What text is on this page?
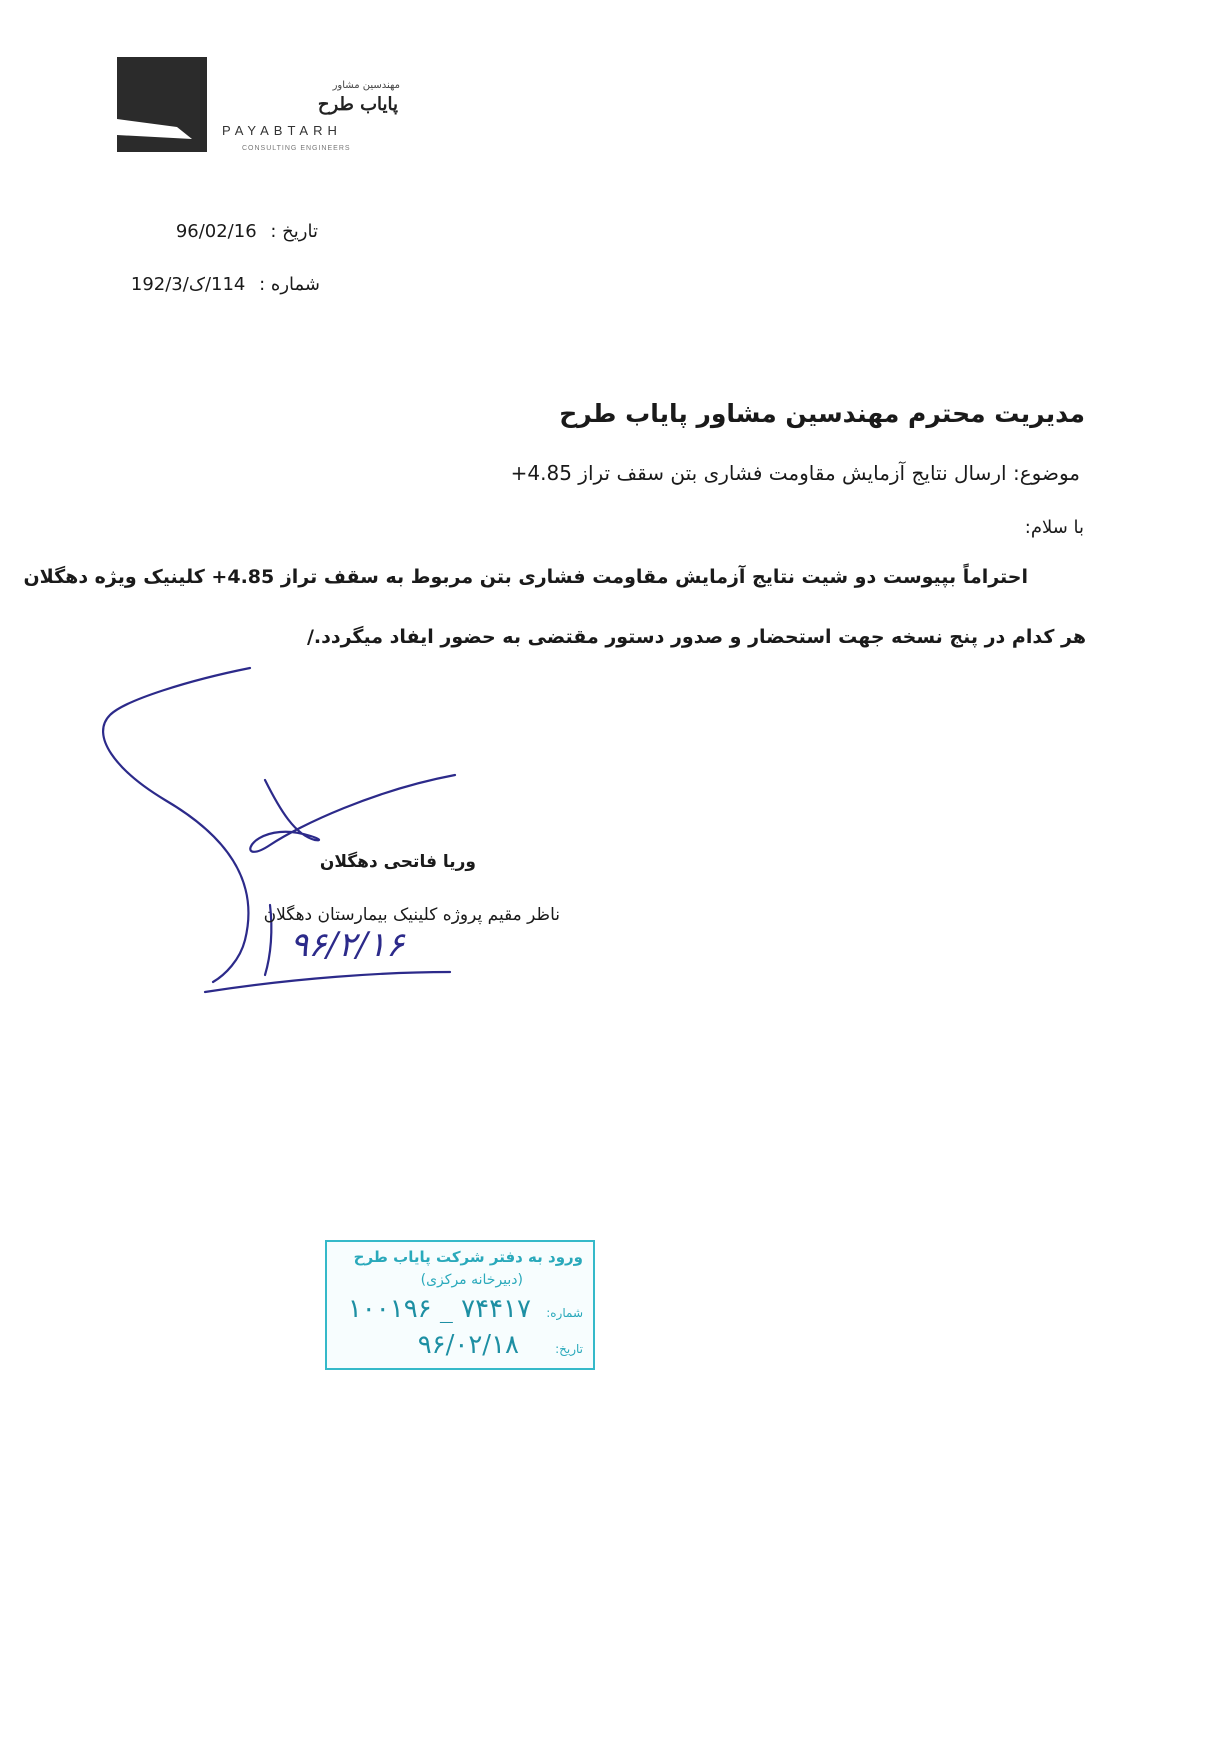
مهندسین مشاور
پایاب طرح
PAYABTARH
CONSULTING ENGINEERS
تاریخ : 96/02/16
شماره : 114/ک/192/3
مدیریت محترم مهندسین مشاور پایاب طرح
موضوع: ارسال نتایج آزمایش مقاومت فشاری بتن سقف تراز 4.85+
با سلام:
احتراماً بپیوست دو شیت نتایج آزمایش مقاومت فشاری بتن مربوط به سقف تراز 4.85+ کلینیک ویژه دهگلان
هر کدام در پنج نسخه جهت استحضار و صدور دستور مقتضی به حضور ایفاد میگردد./
وریا فاتحی دهگلان
ناظر مقیم پروژه کلینیک بیمارستان دهگلان
۹۶/۲/۱۶
ورود به دفتر شرکت پایاب طرح
(دبیرخانه مرکزی)
شماره:
۱۰۰۱۹۶ _ ۷۴۴۱۷
تاریخ:
۹۶/۰۲/۱۸
